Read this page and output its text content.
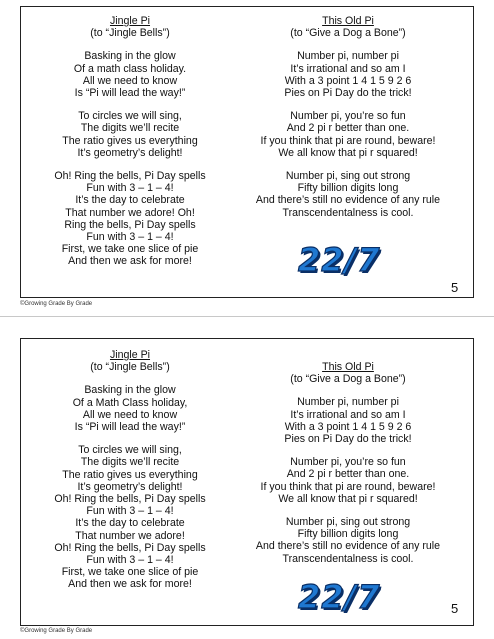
Jingle Pi
(to “Jingle Bells”)
Basking in the glow
Of a math class holiday.
All we need to know
Is “Pi will lead the way!”
To circles we will sing,
The digits we’ll recite
The ratio gives us everything
It’s geometry’s delight!
Oh! Ring the bells, Pi Day spells
Fun with 3 – 1 – 4!
It’s the day to celebrate
That number we adore! Oh!
Ring the bells, Pi Day spells
Fun with 3 – 1 – 4!
First, we take one slice of pie
And then we ask for more!
This Old Pi
(to “Give a Dog a Bone”)
Number pi, number pi
It’s irrational and so am I
With a 3 point 1 4 1 5 9 2 6
Pies on Pi Day do the trick!
Number pi, you’re so fun
And 2 pi r better than one.
If you think that pi are round, beware!
We all know that pi r squared!
Number pi, sing out strong
Fifty billion digits long
And there’s still no evidence of any rule
Transcendentalness is cool.
22/7
5
©Growing Grade By Grade
Jingle Pi
(to “Jingle Bells”)
Basking in the glow
Of a Math Class holiday,
All we need to know
Is “Pi will lead the way!”
To circles we will sing,
The digits we’ll recite
The ratio gives us everything
It’s geometry’s delight!
Oh! Ring the bells, Pi Day spells
Fun with 3 – 1 – 4!
It’s the day to celebrate
That number we adore!
Oh! Ring the bells, Pi Day spells
Fun with 3 – 1 – 4!
First, we take one slice of pie
And then we ask for more!
This Old Pi
(to “Give a Dog a Bone”)
Number pi, number pi
It’s irrational and so am I
With a 3 point 1 4 1 5 9 2 6
Pies on Pi Day do the trick!
Number pi, you’re so fun
And 2 pi r better than one.
If you think that pi are round, beware!
We all know that pi r squared!
Number pi, sing out strong
Fifty billion digits long
And there’s still no evidence of any rule
Transcendentalness is cool.
22/7	5
©Growing Grade By Grade
